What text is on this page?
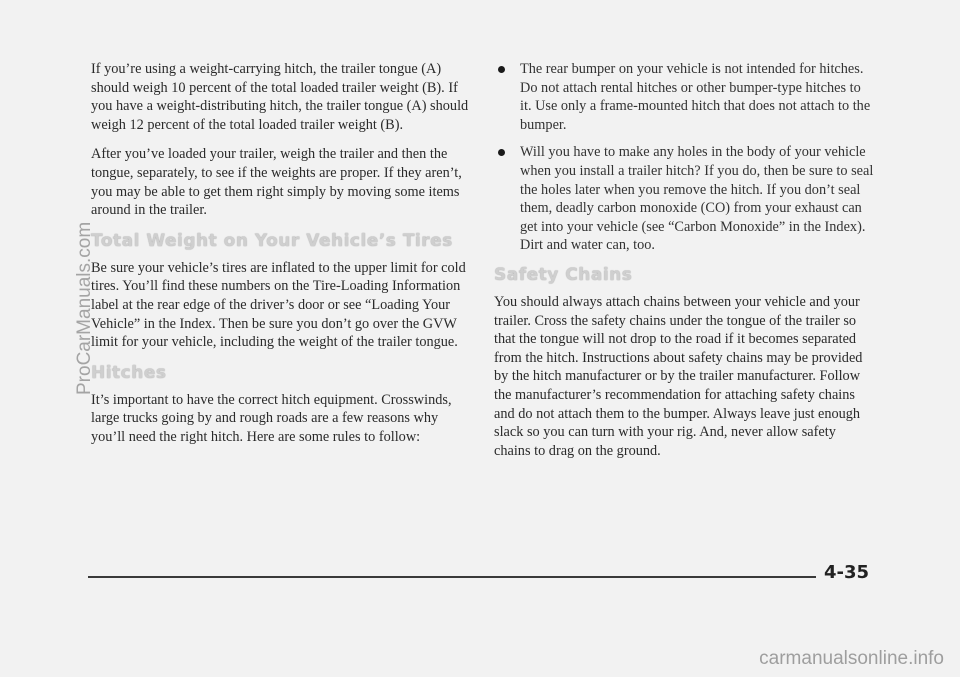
If you’re using a weight-carrying hitch, the trailer tongue (A) should weigh 10 percent of the total loaded trailer weight (B). If you have a weight-distributing hitch, the trailer tongue (A) should weigh 12 percent of the total loaded trailer weight (B).

After you’ve loaded your trailer, weigh the trailer and then the tongue, separately, to see if the weights are proper. If they aren’t, you may be able to get them right simply by moving some items around in the trailer.

Total Weight on Your Vehicle’s Tires

Be sure your vehicle’s tires are inflated to the upper limit for cold tires. You’ll find these numbers on the Tire-Loading Information label at the rear edge of the driver’s door or see “Loading Your Vehicle” in the Index. Then be sure you don’t go over the GVW limit for your vehicle, including the weight of the trailer tongue.

Hitches

It’s important to have the correct hitch equipment. Crosswinds, large trucks going by and rough roads are a few reasons why you’ll need the right hitch. Here are some rules to follow:

The rear bumper on your vehicle is not intended for hitches. Do not attach rental hitches or other bumper-type hitches to it. Use only a frame-mounted hitch that does not attach to the bumper.
Will you have to make any holes in the body of your vehicle when you install a trailer hitch? If you do, then be sure to seal the holes later when you remove the hitch. If you don’t seal them, deadly carbon monoxide (CO) from your exhaust can get into your vehicle (see “Carbon Monoxide” in the Index). Dirt and water can, too.
Safety Chains

You should always attach chains between your vehicle and your trailer. Cross the safety chains under the tongue of the trailer so that the tongue will not drop to the road if it becomes separated from the hitch. Instructions about safety chains may be provided by the hitch manufacturer or by the trailer manufacturer. Follow the manufacturer’s recommendation for attaching safety chains and do not attach them to the bumper. Always leave just enough slack so you can turn with your rig. And, never allow safety chains to drag on the ground.

4-35
ProCarManuals.com
carmanualsonline.info
